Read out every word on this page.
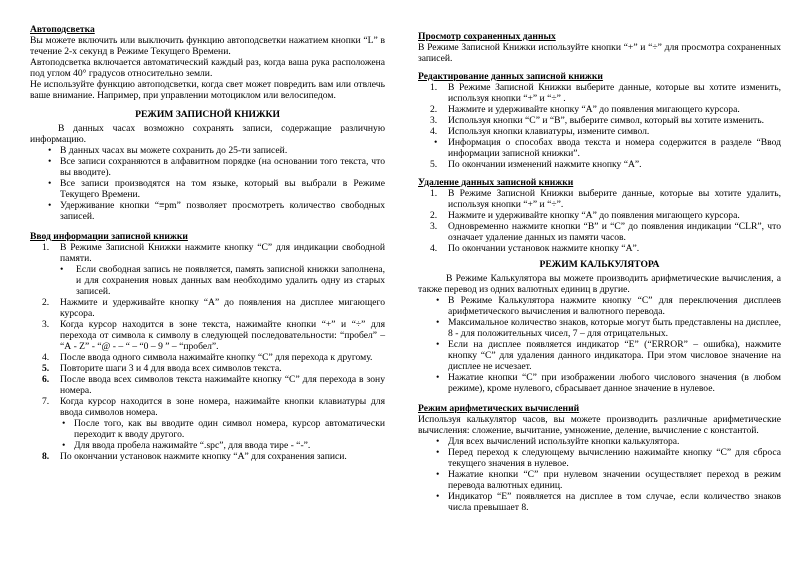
Автоподсветка

Вы можете включить или выключить функцию автоподсветки нажатием кнопки “L” в течение 2-х секунд в Режиме Текущего Времени.

Автоподсветка включается автоматический каждый раз, когда ваша рука расположена под углом 40° градусов относительно земли.

Не используйте функцию автоподсветки, когда свет может повредить вам или отвлечь ваше внимание. Например, при управлении мотоциклом или велосипедом.

РЕЖИМ ЗАПИСНОЙ КНИЖКИ

В данных часах возможно сохранять записи, содержащие различную информацию.

• В данных часах вы можете сохранить до 25-ти записей.
• Все записи сохраняются в алфавитном порядке (на основании того текста, что вы вводите).
• Все записи производятся на том языке, который вы выбрали в Режиме Текущего Времени.
• Удерживание кнопки “≡pm” позволяет просмотреть количество свободных записей.

Ввод информации записной книжки

1. В Режиме Записной Книжки нажмите кнопку “С” для индикации свободной памяти.
• Если свободная запись не появляется, память записной книжки заполнена, и для сохранения новых данных вам необходимо удалить одну из старых записей.
2. Нажмите и удерживайте кнопку “А” до появления на дисплее мигающего курсора.
3. Когда курсор находится в зоне текста, нажимайте кнопки “+” и “÷” для перехода от символа к символу в следующей последовательности: “пробел” – “А - Z” - “@ - – “ – “0 – 9 ” – “пробел”.
4. После ввода одного символа нажимайте кнопку “С” для перехода к другому.
5. Повторите шаги 3 и 4 для ввода всех символов текста.
6. После ввода всех символов текста нажимайте кнопку “С” для перехода в зону номера.
7. Когда курсор находится в зоне номера, нажимайте кнопки клавиатуры для ввода символов номера.
• После того, как вы вводите один символ номера, курсор автоматически переходит к вводу другого.
• Для ввода пробела нажимайте “.spc”, для ввода тире - “-”.
8. По окончании установок нажмите кнопку “А” для сохранения записи.

Просмотр сохраненных данных

В Режиме Записной Книжки используйте кнопки “+” и “÷” для просмотра сохраненных записей.

Редактирование данных записной книжки

1. В Режиме Записной Книжки выберите данные, которые вы хотите изменить, используя кнопки “+” и “÷” .
2. Нажмите и удерживайте кнопку “А” до появления мигающего курсора.
3. Используя кнопки “С” и “В”, выберите символ, который вы хотите изменить.
4. Используя кнопки клавиатуры, измените символ.
• Информация о способах ввода текста и номера содержится в разделе “Ввод информации записной книжки”.
5. По окончании изменений нажмите кнопку “А”.

Удаление данных записной книжки

1. В Режиме Записной Книжки выберите данные, которые вы хотите удалить, используя кнопки “+” и “÷”.
2. Нажмите и удерживайте кнопку “А” до появления мигающего курсора.
3. Одновременно нажмите кнопки “В” и “С” до появления индикации “CLR”, что означает удаление данных из памяти часов.
4. По окончании установок нажмите кнопку “А”.

РЕЖИМ КАЛЬКУЛЯТОРА

В Режиме Калькулятора вы можете производить арифметические вычисления, а также перевод из одних валютных единиц в другие.

• В Режиме Калькулятора нажмите кнопку “С” для переключения дисплеев арифметического вычисления и валютного перевода.
• Максимальное количество знаков, которые могут быть представлены на дисплее, 8 - для положительных чисел, 7 – для отрицательных.
• Если на дисплее появляется индикатор “Е” (“ERROR” – ошибка), нажмите кнопку “С” для удаления данного индикатора. При этом числовое значение на дисплее не исчезает.
• Нажатие кнопки “С” при изображении любого числового значения (в любом режиме), кроме нулевого, сбрасывает данное значение в нулевое.

Режим арифметических вычислений

Используя калькулятор часов, вы можете производить различные арифметические вычисления: сложение, вычитание, умножение, деление, вычисление с константой.

• Для всех вычислений используйте кнопки калькулятора.
• Перед переход к следующему вычислению нажимайте кнопку “С” для сброса текущего значения в нулевое.
• Нажатие кнопки “С” при нулевом значении осуществляет переход в режим перевода валютных единиц.
• Индикатор “Е” появляется на дисплее в том случае, если количество знаков числа превышает 8.
